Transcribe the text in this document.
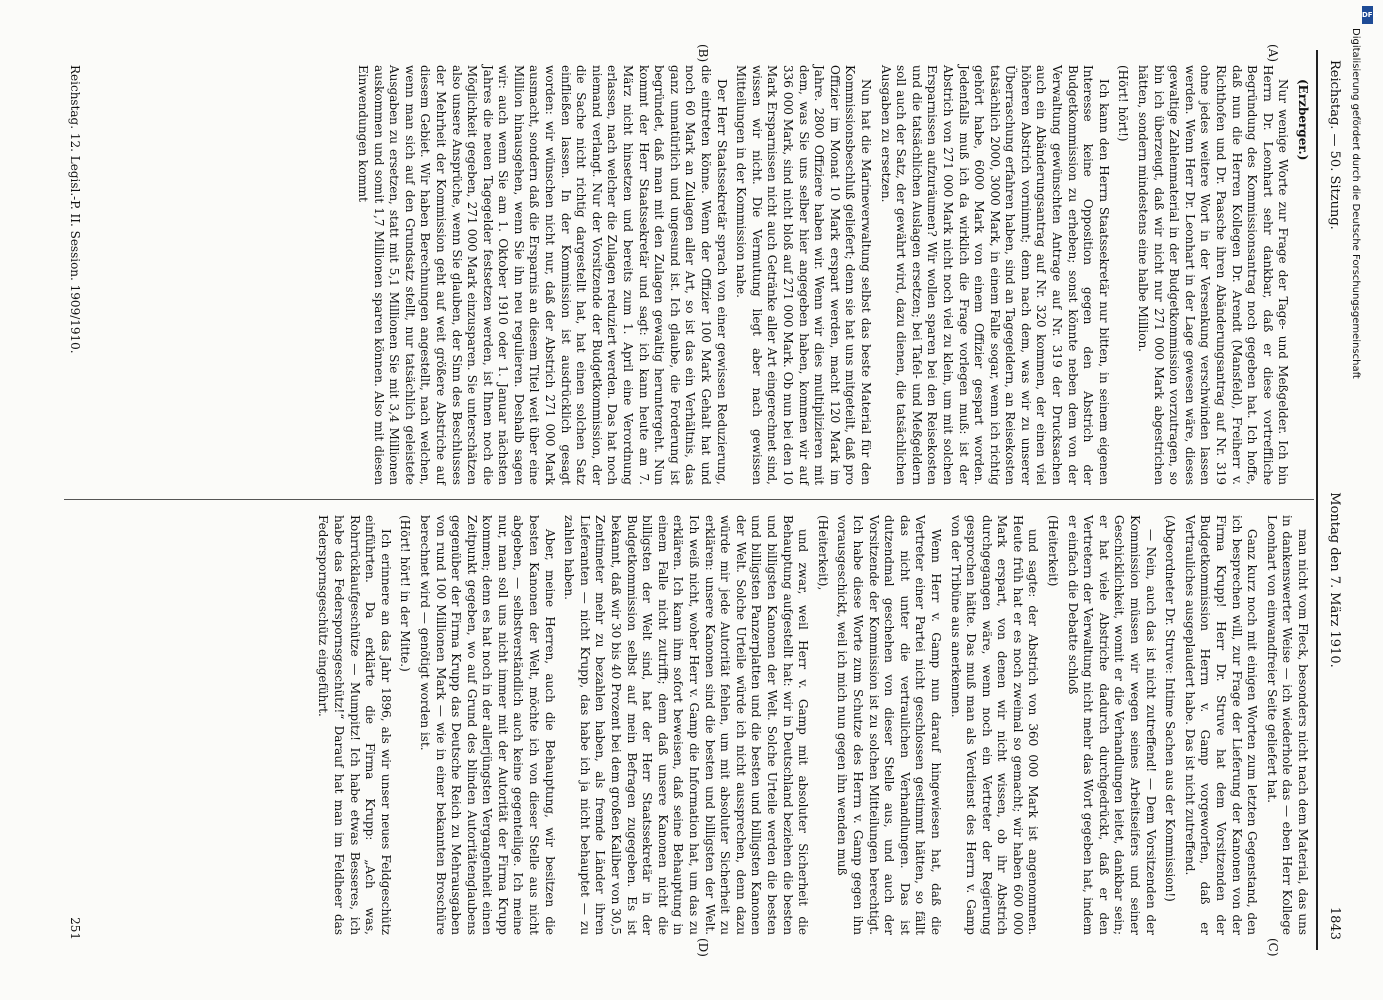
Reichstag. — 50. Sitzung.
Montag den 7. März 1910.
1843
(A)
(B)
(C)
(D)

(Erzberger.)

Nur wenige Worte zur Frage der Tage- und Meßgelder. Ich bin Herrn Dr. Leonhart sehr dankbar, daß er diese vortreffliche Begründung des Kommissionsantrag noch gegeben hat. Ich hoffe, daß nun die Herren Kollegen Dr. Arendt (Mansfeld), Freiherr v. Richthofen und Dr. Paasche ihren Abänderungsantrag auf Nr. 319 ohne jedes weitere Wort in der Versenkung verschwinden lassen werden. Wenn Herr Dr. Leonhart in der Lage gewesen wäre, dieses gewaltige Zahlenmaterial in der Budgetkommission vorzutragen, so bin ich überzeugt, daß wir nicht nur 271 000 Mark abgestrichen hätten, sondern mindestens eine halbe Million.

(Hört! hört!)

Ich kann den Herrn Staatssekretär nur bitten, in seinem eigenen Interesse keine Opposition gegen den Abstrich der Budgetkommission zu erheben; sonst könnte neben dem von der Verwaltung gewünschten Antrage auf Nr. 319 der Drucksachen auch ein Abänderungsantrag auf Nr. 320 kommen, der einen viel höheren Abstrich vornimmt; denn nach dem, was wir zu unserer Überraschung erfahren haben, sind an Tagegeldern, an Reisekosten tatsächlich 2000, 3000 Mark, in einem Falle sogar, wenn ich richtig gehört habe, 6000 Mark von einem Offizier gespart worden. Jedenfalls muß ich da wirklich die Frage vorlegen muß: ist der Abstrich von 271 000 Mark nicht noch viel zu klein, um mit solchen Ersparnissen aufzuräumen? Wir wollen sparen bei den Reisekosten und die tatsächlichen Auslagen ersetzen; bei Tafel- und Meßgeldern soll auch der Satz, der gewährt wird, dazu dienen, die tatsächlichen Ausgaben zu ersetzen.

Nun hat die Marineverwaltung selbst das beste Material für den Kommissionsbeschluß geliefert; denn sie hat uns mitgeteilt, daß pro Offizier im Monat 10 Mark erspart werden, macht 120 Mark im Jahre. 2800 Offiziere haben wir. Wenn wir dies multiplizieren mit dem, was Sie uns selber hier angegeben haben, kommen wir auf 336 000 Mark, sind nicht bloß auf 271 000 Mark. Ob nun bei den 10 Mark Ersparnissen nicht auch Getränke aller Art eingerechnet sind, wissen wir nicht. Die Vermutung liegt aber nach gewissen Mitteilungen in der Kommission nahe.

Der Herr Staatssekretär sprach von einer gewissen Reduzierung, die eintreten könne. Wenn der Offizier 100 Mark Gehalt hat und noch 60 Mark an Zulagen aller Art, so ist das ein Verhältnis, das ganz unnatürlich und ungesund ist. Ich glaube, die Forderung ist begründet, daß man mit den Zulagen gewaltig heruntergeht. Nun kommt der Herr Staatssekretär und sagt: ich kann heute am 7. März nicht hinsetzen und bereits zum 1. April eine Verordnung erlassen, nach welcher die Zulagen reduziert werden. Das hat noch niemand verlangt. Nur der Vorsitzende der Budgetkommission, der die Sache nicht richtig dargestellt hat, hat einen solchen Satz einfließen lassen. In der Kommission ist ausdrücklich gesagt worden: wir wünschen nicht nur, daß der Abstrich 271 000 Mark ausmacht, sondern daß die Ersparnis an diesem Titel weit über eine Million hinausgehen, wenn Sie ihn neu regulieren. Deshalb sagen wir: auch wenn Sie am 1. Oktober 1910 oder 1. Januar nächsten Jahres die neuen Tagegelder festsetzen werden, ist Ihnen noch die Möglichkeit gegeben, 271 000 Mark einzusparen. Sie unterschätzen also unsere Ansprüche, wenn Sie glauben, der Sinn des Beschlusses der Mehrheit der Kommission geht auf weit größere Abstriche auf diesem Gebiet. Wir haben Berechnungen angestellt, nach welchen, wenn man sich auf den Grundsatz stellt, nur tatsächlich geleistete Ausgaben zu ersetzen, statt mit 5,1 Millionen Sie mit 3,4 Millionen auskommen und somit 1,7 Millionen sparen können. Also mit diesen Einwendungen kommt

man nicht vom Fleck, besonders nicht nach dem Material, das uns in dankenswerter Weise — ich wiederhole das — eben Herr Kollege Leonhart von einwandfreier Seite geliefert hat.

Ganz kurz noch mit einigen Worten zum letzten Gegenstand, den ich besprechen will, zur Frage der Lieferung der Kanonen von der Firma Krupp! Herr Dr. Struve hat dem Vorsitzenden der Budgetkommission Herrn v. Gamp vorgeworfen, daß er Vertrauliches ausgeplaudert habe. Das ist nicht zutreffend.

(Abgeordneter Dr. Struve: Intime Sachen aus der Kommission!)

— Nein, auch das ist nicht zutreffend! — Dem Vorsitzenden der Kommission müssen wir wegen seines Arbeitseifers und seiner Geschicklichkeit, womit er die Verhandlungen leitet, dankbar sein; er hat viele Abstriche dadurch durchgedrückt, daß er den Vertretern der Verwaltung nicht mehr das Wort gegeben hat, indem er einfach die Debatte schloß

(Heiterkeit)

und sagte: der Abstrich von 360 000 Mark ist angenommen. Heute früh hat er es noch zweimal so gemacht; wir haben 600 000 Mark erspart, von denen wir nicht wissen, ob ihr Abstrich durchgegangen wäre, wenn noch ein Vertreter der Regierung gesprochen hätte. Das muß man als Verdienst des Herrn v. Gamp von der Tribüne aus anerkennen.

Wenn Herr v. Gamp nun darauf hingewiesen hat, daß die Vertreter einer Partei nicht geschlossen gestimmt hätten, so fällt das nicht unter die vertraulichen Verhandlungen. Das ist dutzendmal geschehen von dieser Stelle aus, und auch der Vorsitzende der Kommission ist zu solchen Mitteilungen berechtigt. Ich habe diese Worte zum Schutze des Herrn v. Gamp gegen ihn vorausgeschickt, weil ich mich nun gegen ihn wenden muß

(Heiterkeit),

und zwar, weil Herr v. Gamp mit absoluter Sicherheit die Behauptung aufgestellt hat: wir in Deutschland beziehen die besten und billigsten Kanonen der Welt. Solche Urteile werden die besten und billigsten Panzerplatten und die besten und billigsten Kanonen der Welt. Solche Urteile würde ich nicht aussprechen, denn dazu würde mir jede Autorität fehlen, um mit absoluter Sicherheit zu erklären: unsere Kanonen sind die besten und billigsten der Welt. Ich weiß nicht, woher Herr v. Gamp die Information hat, um das zu erklären. Ich kann ihm sofort beweisen, daß seine Behauptung in einem Falle nicht zutrifft; denn daß unsere Kanonen nicht die billigsten der Welt sind, hat der Herr Staatssekretär in der Budgetkommission selbst auf mein Befragen zugegeben. Es ist bekannt, daß wir 30 bis 40 Prozent bei dem großen Kaliber von 30,5 Zentimeter mehr zu bezahlen haben, als fremde Länder ihren Lieferanten — nicht Krupp, das habe ich ja nicht behauptet — zu zahlen haben.

Aber, meine Herren, auch die Behauptung, wir besitzen die besten Kanonen der Welt, möchte ich von dieser Stelle aus nicht abgeben, — selbstverständlich auch keine gegenteilige. Ich meine nur, man soll uns nicht immer mit der Autorität der Firma Krupp kommen; denn es hat noch in der allerjüngsten Vergangenheit einen Zeitpunkt gegeben, wo auf Grund des blinden Autoritätenglaubens gegenüber der Firma Krupp das Deutsche Reich zu Mehrausgaben von rund 100 Millionen Mark — wie in einer bekannten Broschüre berechnet wird — genötigt worden ist.

(Hört! hört! in der Mitte.)

Ich erinnere an das Jahr 1896, als wir unser neues Feldgeschütz einführten. Da erklärte die Firma Krupp: „Ach was, Rohrrücklaufgeschütze — Mumpitz! Ich habe etwas Besseres, ich habe das Federspornsgeschütz!“ Darauf hat man im Feldheer das Federspornsgeschütz eingeführt.

Reichstag. 12. Legisl.-P. II. Session. 1909/1910.
251
DFG
Digitalisierung gefördert durch die Deutsche Forschungsgemeinschaft
